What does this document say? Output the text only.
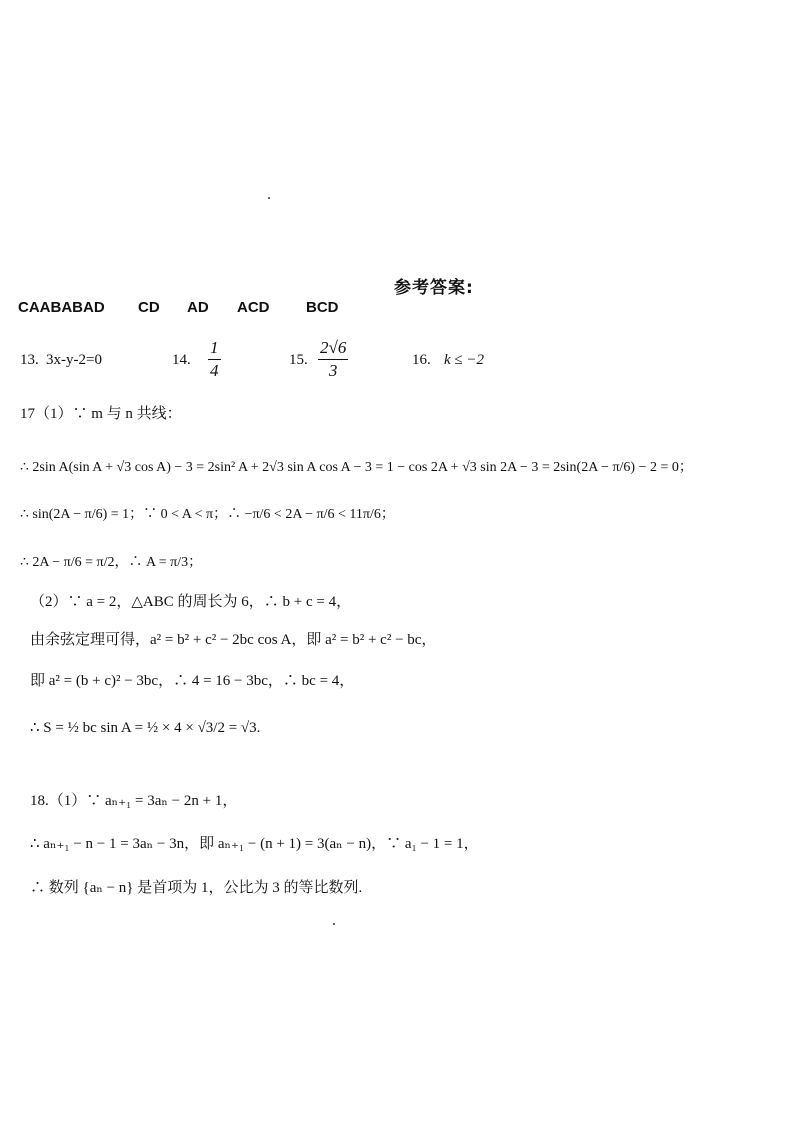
参考答案:
CAABABAD CD AD ACD BCD
13. 3x-y-2=0	14. $\frac{1}{4}$	15. $\frac{2√6}{3}$	16. k ≤ −2
17（1）∵ m 与 n 共线：
∴ 2sin A(sin A + √3 cos A) − 3 = 2sin² A + 2√3 sin A cos A − 3 = 1 − cos 2A + √3 sin 2A − 3 = 2sin(2A − π/6) − 2 = 0；
∴ sin(2A − π/6) = 1；∵ 0 < A < π；∴ −π/6 < 2A − π/6 < 11π/6；
∴ 2A − π/6 = π/2，∴ A = π/3；
（2）∵ a = 2，△ABC 的周长为 6，∴ b + c = 4，
由余弦定理可得，a² = b² + c² − 2bc cos A，即 a² = b² + c² − bc，
即 a² = (b + c)² − 3bc，∴ 4 = 16 − 3bc，∴ bc = 4，
∴ S = ½ bc sin A = ½ × 4 × √3/2 = √3.
18.（1）∵ aₙ₊₁ = 3aₙ − 2n + 1，
∴ aₙ₊₁ − n − 1 = 3aₙ − 3n，即 aₙ₊₁ − (n + 1) = 3(aₙ − n)，∵ a₁ − 1 = 1，
∴ 数列 {aₙ − n} 是首项为 1，公比为 3 的等比数列.
